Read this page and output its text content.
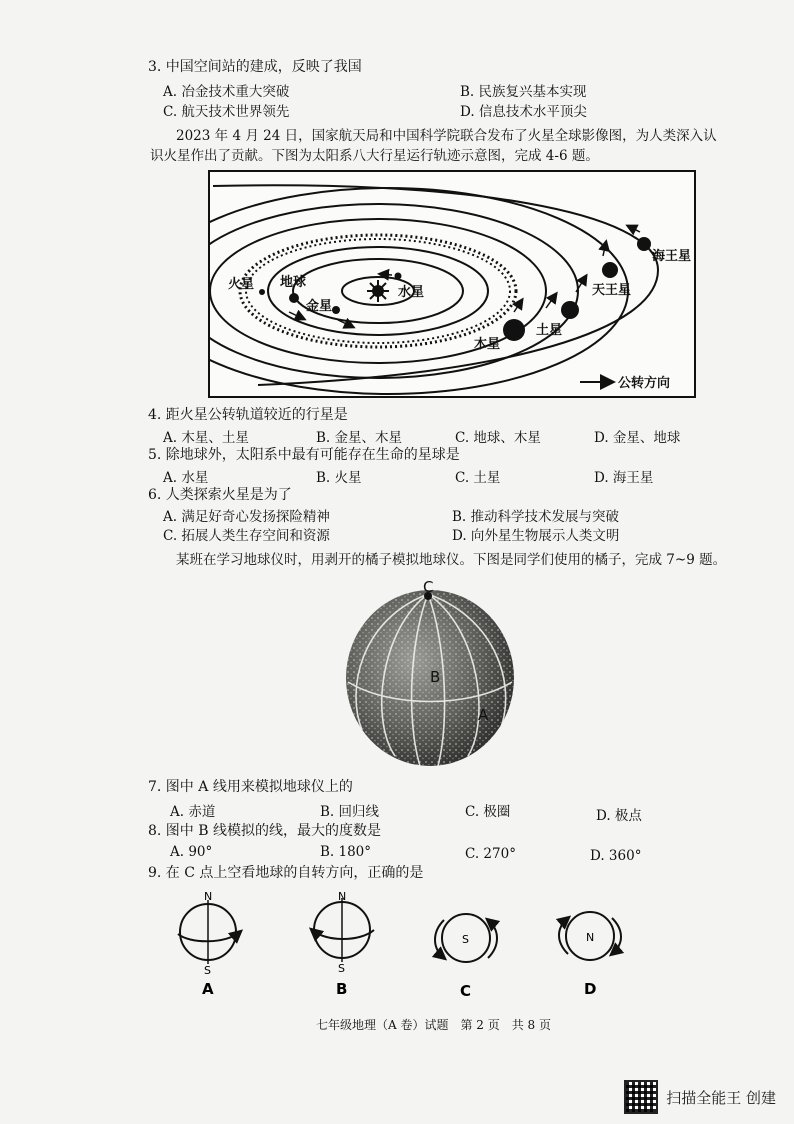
3. 中国空间站的建成，反映了我国
A. 冶金技术重大突破	B. 民族复兴基本实现
C. 航天技术世界领先	D. 信息技术水平顶尖
2023 年 4 月 24 日，国家航天局和中国科学院联合发布了火星全球影像图，为人类深入认识火星作出了贡献。下图为太阳系八大行星运行轨迹示意图，完成 4-6 题。
火星 地球
金星
水星
木星
土星
天王星
海王星
公转方向
4. 距火星公转轨道较近的行星是
A. 木星、土星	B. 金星、木星	C. 地球、木星	D. 金星、地球
5. 除地球外，太阳系中最有可能存在生命的星球是
A. 水星	B. 火星	C. 土星	D. 海王星
6. 人类探索火星是为了
A. 满足好奇心发扬探险精神	B. 推动科学技术发展与突破
C. 拓展人类生存空间和资源	D. 向外星生物展示人类文明
某班在学习地球仪时，用剥开的橘子模拟地球仪。下图是同学们使用的橘子，完成 7~9 题。
C
B
A
7. 图中 A 线用来模拟地球仪上的
A. 赤道	B. 回归线	C. 极圈	D. 极点
8. 图中 B 线模拟的线，最大的度数是
A. 90°	B. 180°	C. 270°	D. 360°
9. 在 C 点上空看地球的自转方向，正确的是
N
S
A
N
S
B
S
C
N
D
七年级地理（A 卷）试题　第 2 页　共 8 页
扫描全能王 创建
